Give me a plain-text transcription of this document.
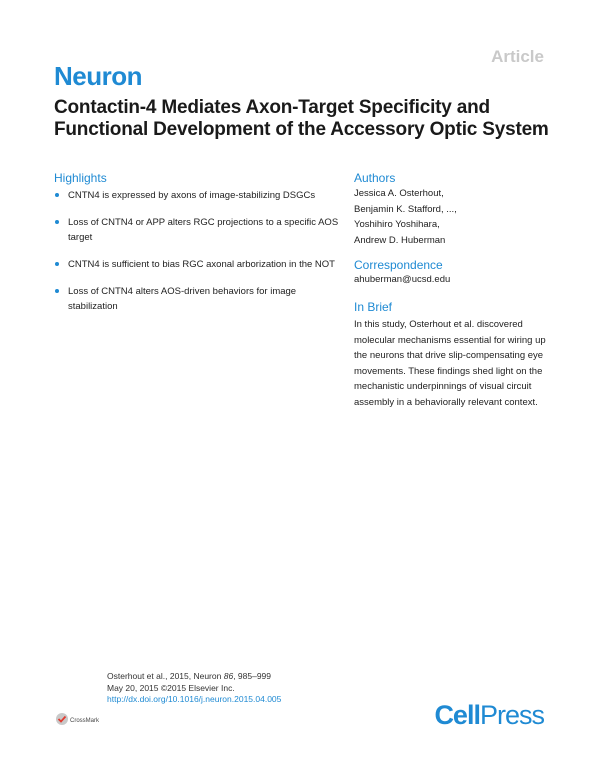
Article
Neuron
Contactin-4 Mediates Axon-Target Specificity and Functional Development of the Accessory Optic System
Highlights
CNTN4 is expressed by axons of image-stabilizing DSGCs
Loss of CNTN4 or APP alters RGC projections to a specific AOS target
CNTN4 is sufficient to bias RGC axonal arborization in the NOT
Loss of CNTN4 alters AOS-driven behaviors for image stabilization
Authors
Jessica A. Osterhout,
Benjamin K. Stafford, ...,
Yoshihiro Yoshihara,
Andrew D. Huberman
Correspondence
ahuberman@ucsd.edu
In Brief
In this study, Osterhout et al. discovered molecular mechanisms essential for wiring up the neurons that drive slip-compensating eye movements. These findings shed light on the mechanistic underpinnings of visual circuit assembly in a behaviorally relevant context.
CrossMark
Osterhout et al., 2015, Neuron 86, 985–999
May 20, 2015 ©2015 Elsevier Inc.
http://dx.doi.org/10.1016/j.neuron.2015.04.005
CellPress
